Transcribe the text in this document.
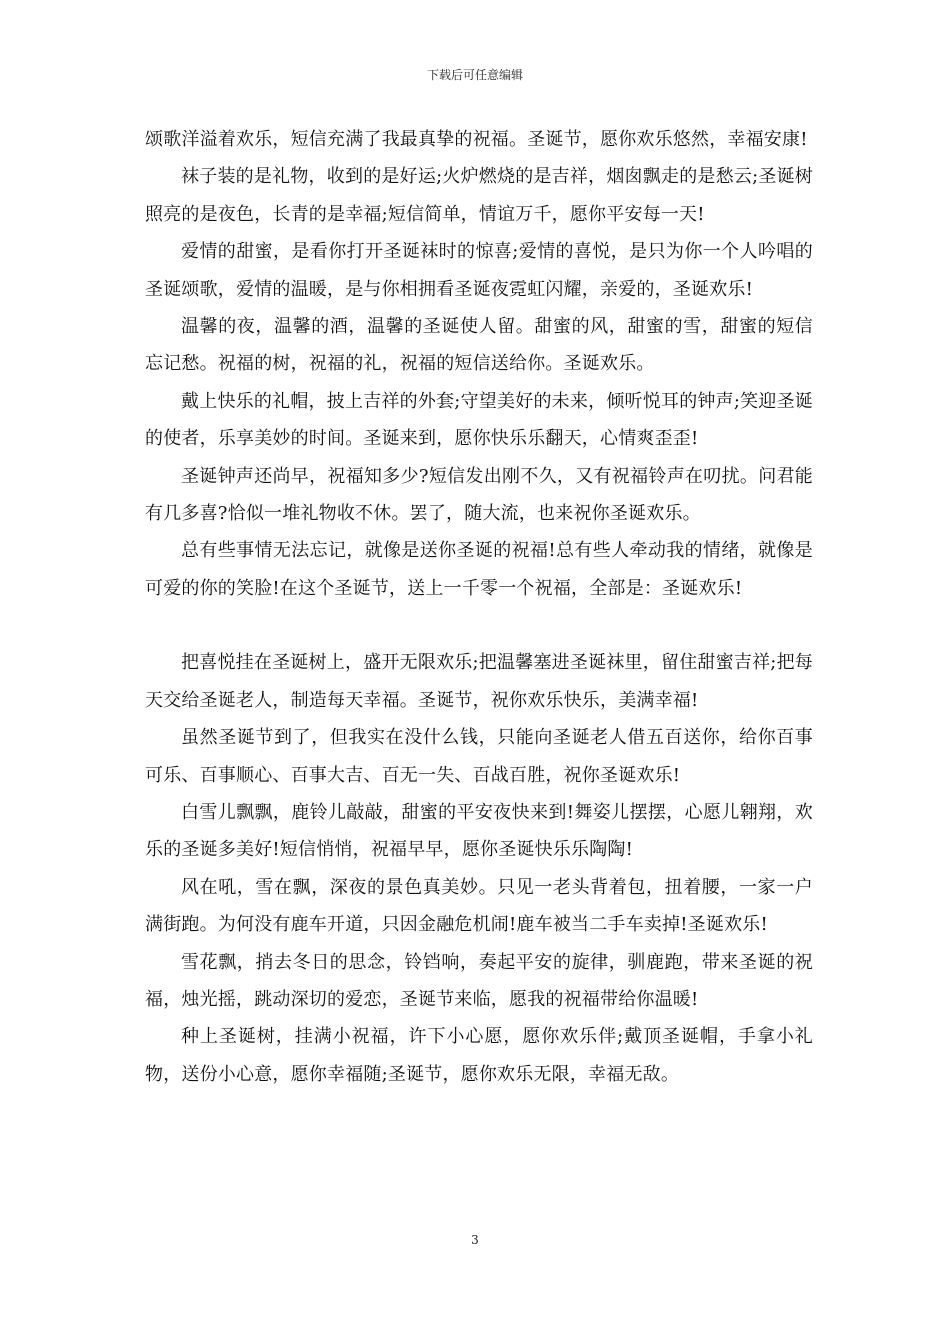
下载后可任意编辑

颂歌洋溢着欢乐，短信充满了我最真挚的祝福。圣诞节，愿你欢乐悠然，幸福安康!

袜子装的是礼物，收到的是好运;火炉燃烧的是吉祥，烟囱飘走的是愁云;圣诞树照亮的是夜色，长青的是幸福;短信简单，情谊万千，愿你平安每一天!

爱情的甜蜜，是看你打开圣诞袜时的惊喜;爱情的喜悦，是只为你一个人吟唱的圣诞颂歌，爱情的温暖，是与你相拥看圣诞夜霓虹闪耀，亲爱的，圣诞欢乐!

温馨的夜，温馨的酒，温馨的圣诞使人留。甜蜜的风，甜蜜的雪，甜蜜的短信忘记愁。祝福的树，祝福的礼，祝福的短信送给你。圣诞欢乐。

戴上快乐的礼帽，披上吉祥的外套;守望美好的未来，倾听悦耳的钟声;笑迎圣诞的使者，乐享美妙的时间。圣诞来到，愿你快乐乐翻天，心情爽歪歪!

圣诞钟声还尚早，祝福知多少?短信发出刚不久，又有祝福铃声在叨扰。问君能有几多喜?恰似一堆礼物收不休。罢了，随大流，也来祝你圣诞欢乐。

总有些事情无法忘记，就像是送你圣诞的祝福!总有些人牵动我的情绪，就像是可爱的你的笑脸!在这个圣诞节，送上一千零一个祝福，全部是：圣诞欢乐!

把喜悦挂在圣诞树上，盛开无限欢乐;把温馨塞进圣诞袜里，留住甜蜜吉祥;把每天交给圣诞老人，制造每天幸福。圣诞节，祝你欢乐快乐，美满幸福!

虽然圣诞节到了，但我实在没什么钱，只能向圣诞老人借五百送你，给你百事可乐、百事顺心、百事大吉、百无一失、百战百胜，祝你圣诞欢乐!

白雪儿飘飘，鹿铃儿敲敲，甜蜜的平安夜快来到!舞姿儿摆摆，心愿儿翱翔，欢乐的圣诞多美好!短信悄悄，祝福早早，愿你圣诞快乐乐陶陶!

风在吼，雪在飘，深夜的景色真美妙。只见一老头背着包，扭着腰，一家一户满街跑。为何没有鹿车开道，只因金融危机闹!鹿车被当二手车卖掉!圣诞欢乐!

雪花飘，捎去冬日的思念，铃铛响，奏起平安的旋律，驯鹿跑，带来圣诞的祝福，烛光摇，跳动深切的爱恋，圣诞节来临，愿我的祝福带给你温暖!

种上圣诞树，挂满小祝福，许下小心愿，愿你欢乐伴;戴顶圣诞帽，手拿小礼物，送份小心意，愿你幸福随;圣诞节，愿你欢乐无限，幸福无敌。

3
